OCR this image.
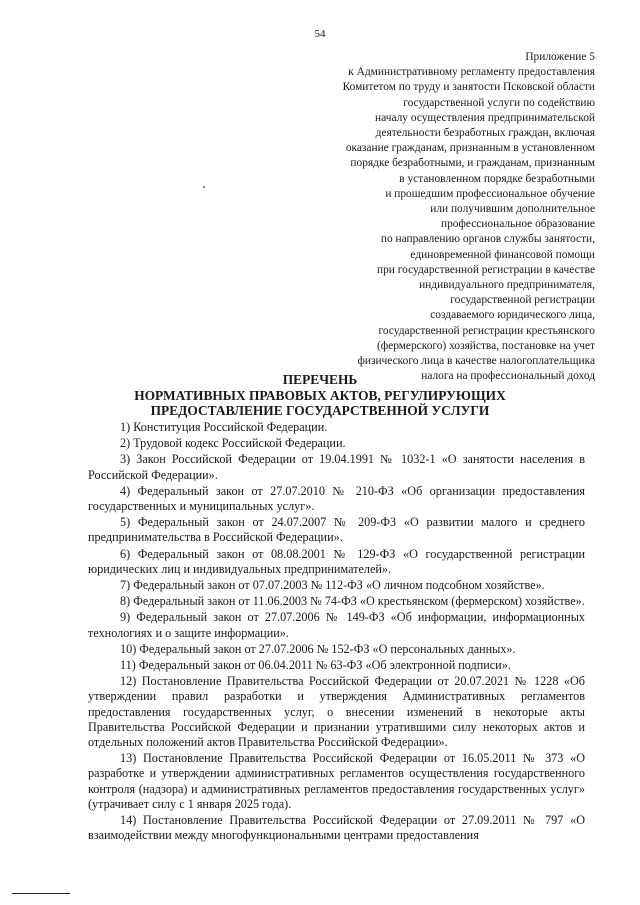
54
Приложение 5
к Административному регламенту предоставления
Комитетом по труду и занятости Псковской области
государственной услуги по содействию
началу осуществления предпринимательской
деятельности безработных граждан, включая
оказание гражданам, признанным в установленном
порядке безработными, и гражданам, признанным
в установленном порядке безработными
и прошедшим профессиональное обучение
или получившим дополнительное
профессиональное образование
по направлению органов службы занятости,
единовременной финансовой помощи
при государственной регистрации в качестве
индивидуального предпринимателя,
государственной регистрации
создаваемого юридического лица,
государственной регистрации крестьянского
(фермерского) хозяйства, постановке на учет
физического лица в качестве налогоплательщика
налога на профессиональный доход
ПЕРЕЧЕНЬ
НОРМАТИВНЫХ ПРАВОВЫХ АКТОВ, РЕГУЛИРУЮЩИХ
ПРЕДОСТАВЛЕНИЕ ГОСУДАРСТВЕННОЙ УСЛУГИ
1) Конституция Российской Федерации.
2) Трудовой кодекс Российской Федерации.
3) Закон Российской Федерации от 19.04.1991 № 1032-1 «О занятости населения в Российской Федерации».
4) Федеральный закон от 27.07.2010 № 210-ФЗ «Об организации предоставления государственных и муниципальных услуг».
5) Федеральный закон от 24.07.2007 № 209-ФЗ «О развитии малого и среднего предпринимательства в Российской Федерации».
6) Федеральный закон от 08.08.2001 № 129-ФЗ «О государственной регистрации юридических лиц и индивидуальных предпринимателей».
7) Федеральный закон от 07.07.2003 № 112-ФЗ «О личном подсобном хозяйстве».
8) Федеральный закон от 11.06.2003 № 74-ФЗ «О крестьянском (фермерском) хозяйстве».
9) Федеральный закон от 27.07.2006 № 149-ФЗ «Об информации, информационных технологиях и о защите информации».
10) Федеральный закон от 27.07.2006 № 152-ФЗ «О персональных данных».
11) Федеральный закон от 06.04.2011 № 63-ФЗ «Об электронной подписи».
12) Постановление Правительства Российской Федерации от 20.07.2021 № 1228 «Об утверждении правил разработки и утверждения Административных регламентов предоставления государственных услуг, о внесении изменений в некоторые акты Правительства Российской Федерации и признании утратившими силу некоторых актов и отдельных положений актов Правительства Российской Федерации».
13) Постановление Правительства Российской Федерации от 16.05.2011 № 373 «О разработке и утверждении административных регламентов осуществления государственного контроля (надзора) и административных регламентов предоставления государственных услуг» (утрачивает силу с 1 января 2025 года).
14) Постановление Правительства Российской Федерации от 27.09.2011 № 797 «О взаимодействии между многофункциональными центрами предоставления
